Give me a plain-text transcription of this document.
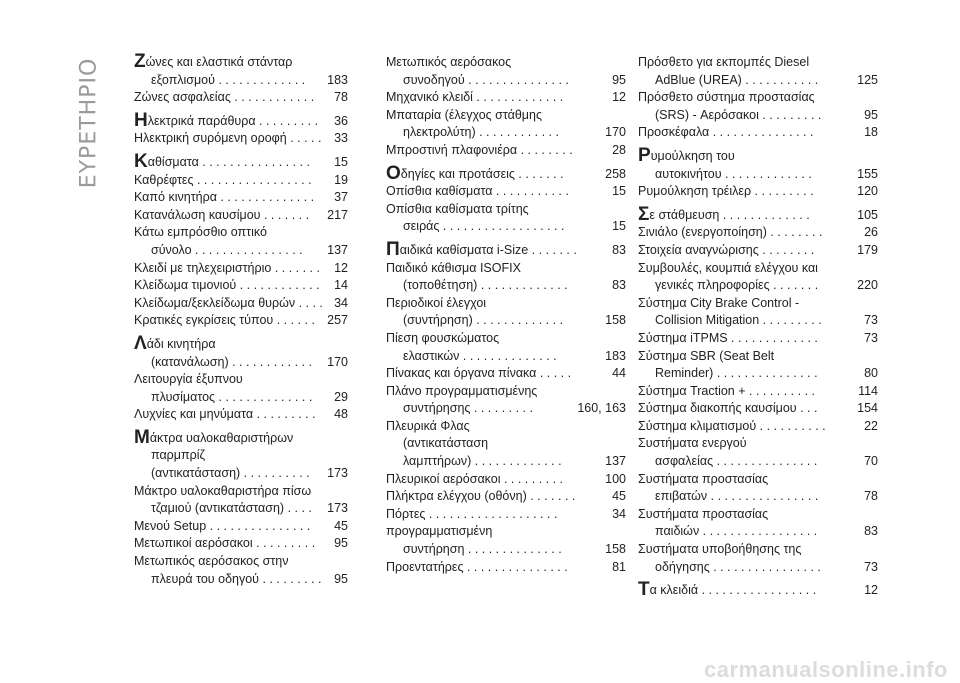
ΕΥΡΕΤΗΡΙΟ Ζώνες και ελαστικά στάνταρ
εξοπλισμού . . . . . . . . . . . . . 183
Ζώνες ασφαλείας . . . . . . . . . . . . 78
Ηλεκτρικά παράθυρα . . . . . . . . . 36
Ηλεκτρική συρόμενη οροφή . . . . . 33
Καθίσματα . . . . . . . . . . . . . . . . 15
Καθρέφτες . . . . . . . . . . . . . . . . . 19
Καπό κινητήρα . . . . . . . . . . . . . . 37
Κατανάλωση καυσίμου . . . . . . . 217
Κάτω εμπρόσθιο οπτικό
σύνολο . . . . . . . . . . . . . . . . 137
Κλειδί με τηλεχειριστήριο . . . . . . . 12
Κλείδωμα τιμονιού . . . . . . . . . . . . 14
Κλείδωμα/ξεκλείδωμα θυρών . . . . 34
Κρατικές εγκρίσεις τύπου . . . . . . 257
Λάδι κινητήρα
(κατανάλωση) . . . . . . . . . . . . 170
Λειτουργία έξυπνου
πλυσίματος . . . . . . . . . . . . . . 29
Λυχνίες και μηνύματα . . . . . . . . . 48
Μάκτρα υαλοκαθαριστήρων
παρμπρίζ
(αντικατάσταση) . . . . . . . . . . 173
Μάκτρο υαλοκαθαριστήρα πίσω
τζαμιού (αντικατάσταση) . . . . 173
Μενού Setup . . . . . . . . . . . . . . . 45
Μετωπικοί αερόσακοι . . . . . . . . . 95
Μετωπικός αερόσακος στην
πλευρά του οδηγού . . . . . . . . . 95
Μετωπικός αερόσακος
συνοδηγού . . . . . . . . . . . . . . .	95
Μηχανικό κλειδί . . . . . . . . . . . . .	12
Μπαταρία (έλεγχος στάθμης
ηλεκτρολύτη) . . . . . . . . . . . .	170
Μπροστινή πλαφονιέρα . . . . . . . .	28
Οδηγίες και προτάσεις . . . . . . .	258
Οπίσθια καθίσματα . . . . . . . . . . .	15
Οπίσθια καθίσματα τρίτης
σειράς . . . . . . . . . . . . . . . . . .	15
Παιδικά καθίσματα i-Size . . . . . . .	83
Παιδικό κάθισμα ISOFIX
(τοποθέτηση) . . . . . . . . . . . . .	83
Περιοδικοί έλεγχοι
(συντήρηση) . . . . . . . . . . . . .	158
Πίεση φουσκώματος
ελαστικών . . . . . . . . . . . . . .	183
Πίνακας και όργανα πίνακα . . . . .	44
Πλάνο προγραμματισμένης
συντήρησης . . . . . . . . .	160, 163
Πλευρικά Φλας
(αντικατάσταση
λαμπτήρων) . . . . . . . . . . . . .	137
Πλευρικοί αερόσακοι . . . . . . . . .	100
Πλήκτρα ελέγχου (οθόνη) . . . . . . .	45
Πόρτες . . . . . . . . . . . . . . . . . . .	34
προγραμματισμένη
συντήρηση . . . . . . . . . . . . . .	158
Προεντατήρες . . . . . . . . . . . . . . .	81
Πρόσθετο για εκπομπές Diesel
AdBlue (UREA) . . . . . . . . . . .	125
Πρόσθετο σύστημα προστασίας
(SRS) - Αερόσακοι . . . . . . . . .	95
Προσκέφαλα . . . . . . . . . . . . . . .	18
Ρυμούλκηση του
αυτοκινήτου . . . . . . . . . . . . .	155
Ρυμούλκηση τρέιλερ . . . . . . . . .	120
Σε στάθμευση . . . . . . . . . . . . .	105
Σινιάλο (ενεργοποίηση) . . . . . . . .	26
Στοιχεία αναγνώρισης . . . . . . . .	179
Συμβουλές, κουμπιά ελέγχου και
γενικές πληροφορίες . . . . . . .	220
Σύστημα City Brake Control -
Collision Mitigation . . . . . . . . .	73
Σύστημα iTPMS . . . . . . . . . . . . .	73
Σύστημα SBR (Seat Belt
Reminder) . . . . . . . . . . . . . . .	80
Σύστημα Traction + . . . . . . . . . .	114
Σύστημα διακοπής καυσίμου . . .	154
Σύστημα κλιματισμού . . . . . . . . . .	22
Συστήματα ενεργού
ασφαλείας . . . . . . . . . . . . . . .	70
Συστήματα προστασίας
επιβατών . . . . . . . . . . . . . . . .	78
Συστήματα προστασίας
παιδιών . . . . . . . . . . . . . . . . .	83
Συστήματα υποβοήθησης της
οδήγησης . . . . . . . . . . . . . . . .	73
Τα κλειδιά . . . . . . . . . . . . . . . . .	12
carmanualsonline.info
